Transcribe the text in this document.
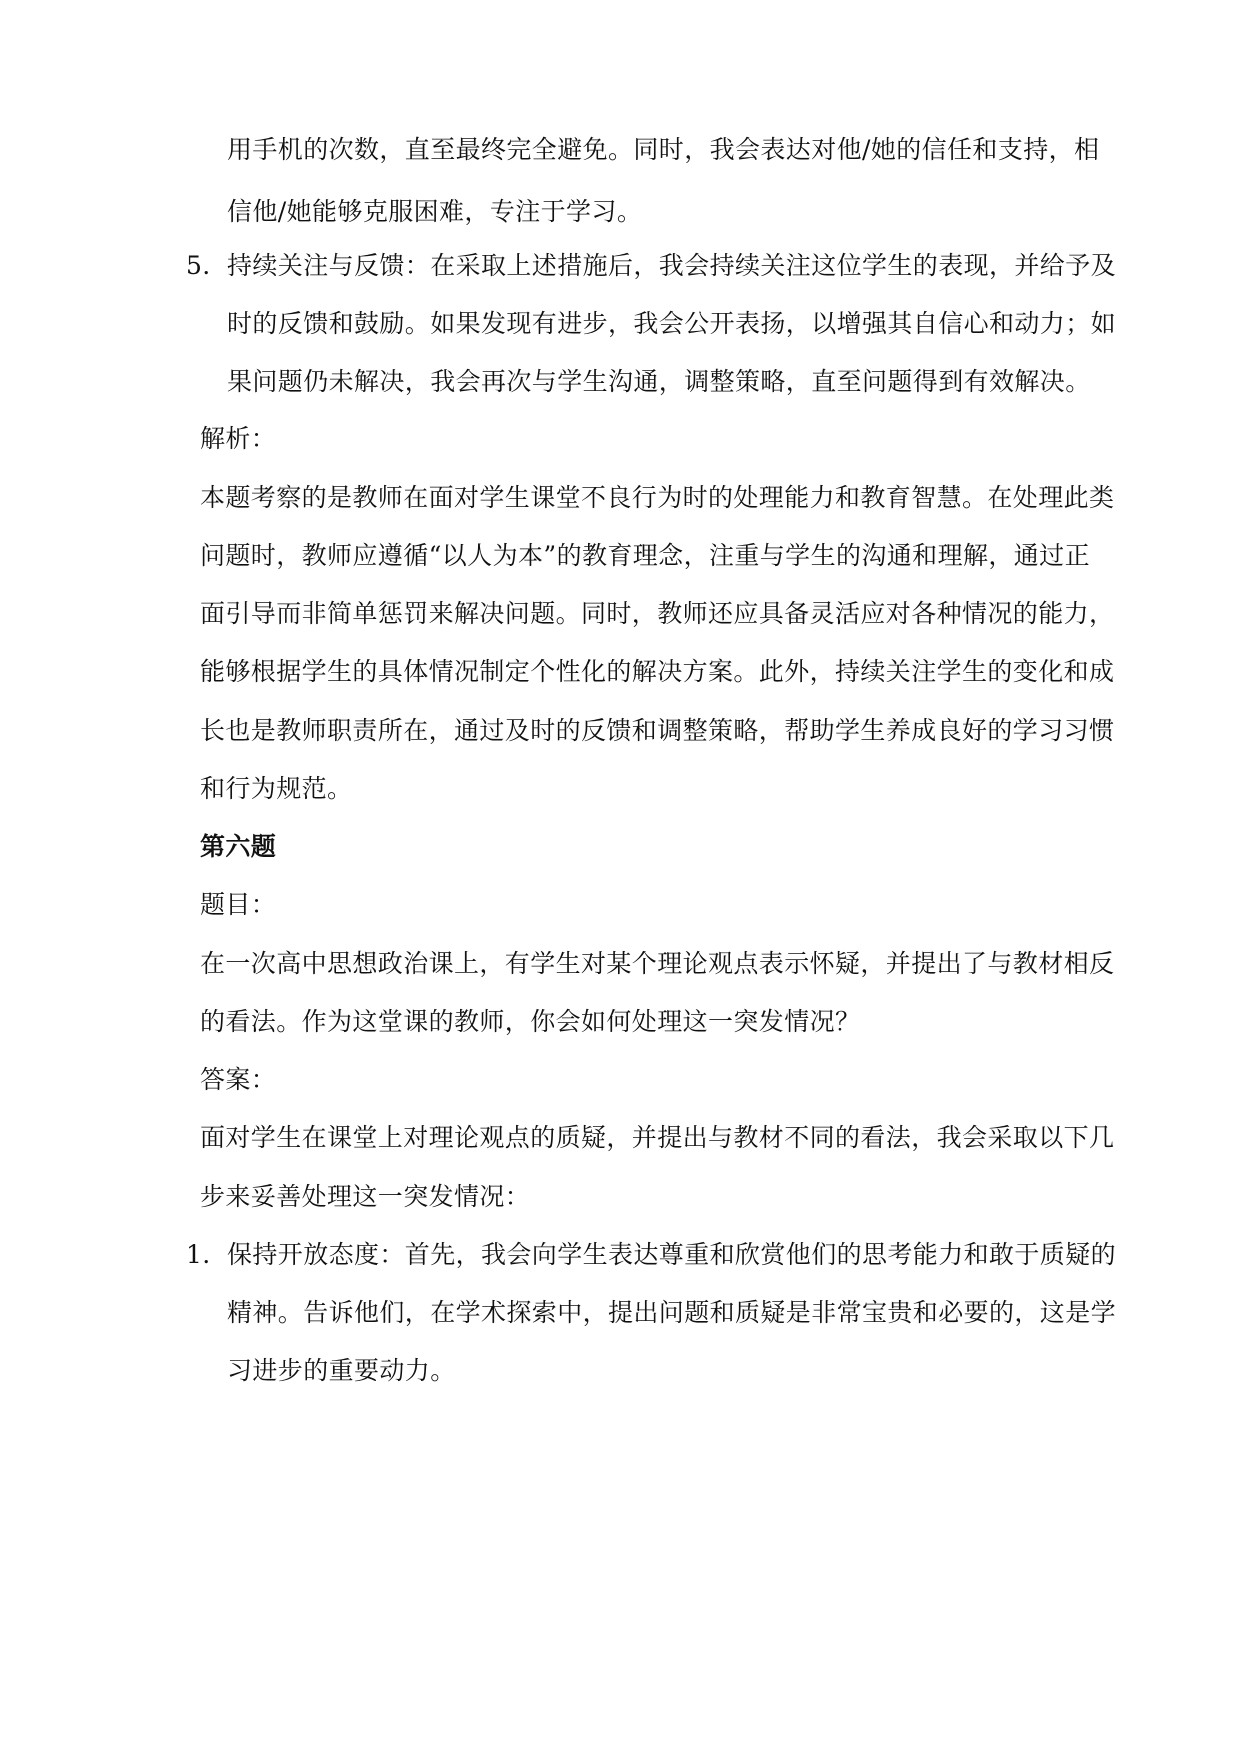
用手机的次数，直至最终完全避免。同时，我会表达对他/她的信任和支持，相
信他/她能够克服困难，专注于学习。
5. 持续关注与反馈：在采取上述措施后，我会持续关注这位学生的表现，并给予及
时的反馈和鼓励。如果发现有进步，我会公开表扬，以增强其自信心和动力；如
果问题仍未解决，我会再次与学生沟通，调整策略，直至问题得到有效解决。
解析：
本题考察的是教师在面对学生课堂不良行为时的处理能力和教育智慧。在处理此类
问题时，教师应遵循“以人为本”的教育理念，注重与学生的沟通和理解，通过正
面引导而非简单惩罚来解决问题。同时，教师还应具备灵活应对各种情况的能力，
能够根据学生的具体情况制定个性化的解决方案。此外，持续关注学生的变化和成
长也是教师职责所在，通过及时的反馈和调整策略，帮助学生养成良好的学习习惯
和行为规范。
第六题
题目：
在一次高中思想政治课上，有学生对某个理论观点表示怀疑，并提出了与教材相反
的看法。作为这堂课的教师，你会如何处理这一突发情况？
答案：
面对学生在课堂上对理论观点的质疑，并提出与教材不同的看法，我会采取以下几
步来妥善处理这一突发情况：
1. 保持开放态度：首先，我会向学生表达尊重和欣赏他们的思考能力和敢于质疑的
精神。告诉他们，在学术探索中，提出问题和质疑是非常宝贵和必要的，这是学
习进步的重要动力。
